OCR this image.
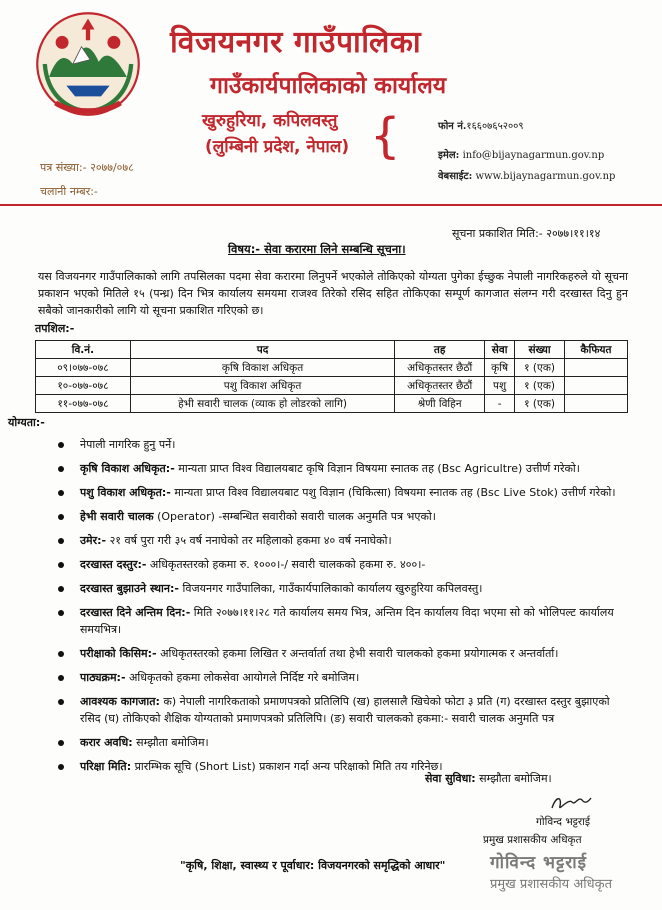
विजयनगर गाउँपालिका
गाउँकार्यपालिकाको कार्यालय
खुरुहुरिया, कपिलवस्तु
(लुम्बिनी प्रदेश, नेपाल) {	फोन नं.१६६०७६५२००९
इमेल: info@bijaynagarmun.gov.np
वेबसाईट: www.bijaynagarmun.gov.np
पत्र संख्या:- २०७७/०७८
चलानी नम्बर:-
सूचना प्रकाशित मिति:- २०७७।११।१४
विषय:- सेवा करारमा लिने सम्बन्धि सूचना।
यस विजयनगर गाउँपालिकाको लागि तपसिलका पदमा सेवा करारमा लिनुपर्ने भएकोले तोकिएको योग्यता पुगेका ईच्छुक नेपाली नागरिकहरुले यो सूचना प्रकाशन भएको मितिले १५ (पन्ध्र) दिन भित्र कार्यालय समयमा राजश्व तिरेको रसिद सहित तोकिएका सम्पूर्ण कागजात संलग्न गरी दरखास्त दिनु हुन सबैको जानकारीको लागि यो सूचना प्रकाशित गरिएको छ।
तपशिल:-
वि.नं.	पद	तह	सेवा	संख्या	कैफियत
०९।०७७-०७८	कृषि विकाश अधिकृत	अधिकृतस्तर छैठौं	कृषि	१ (एक)	
१०-०७७-०७८	पशु विकाश अधिकृत	अधिकृतस्तर छैठौं	पशु	१ (एक)	
११-०७७-०७८	हेभी सवारी चालक (व्याक हो लोडरको लागि)	श्रेणी विहिन	-	१ (एक)	
योग्यता:-
नेपाली नागरिक हुनु पर्ने।
कृषि विकाश अधिकृत:- मान्यता प्राप्त विश्व विद्यालयबाट कृषि विज्ञान विषयमा स्नातक तह (Bsc Agricultre) उत्तीर्ण गरेको।
पशु विकाश अधिकृत:- मान्यता प्राप्त विश्व विद्यालयबाट पशु विज्ञान (चिकित्सा) विषयमा स्नातक तह (Bsc Live Stok) उत्तीर्ण गरेको।
हेभी सवारी चालक (Operator) -सम्बन्धित सवारीको सवारी चालक अनुमति पत्र भएको।
उमेर:- २१ वर्ष पुरा गरी ३५ वर्ष ननाघेको तर महिलाको हकमा ४० वर्ष ननाघेको।
दरखास्त दस्तुर:- अधिकृतस्तरको हकमा रु. १०००।-/ सवारी चालकको हकमा रु. ४००।-
दरखास्त बुझाउने स्थान:- विजयनगर गाउँपालिका, गाउँकार्यपालिकाको कार्यालय खुरुहुरिया कपिलवस्तु।
दरखास्त दिने अन्तिम दिन:- मिति २०७७।११।२८ गते कार्यालय समय भित्र, अन्तिम दिन कार्यालय विदा भएमा सो को भोलिपल्ट कार्यालय समयभित्र।
परीक्षाको किसिम:- अधिकृतस्तरको हकमा लिखित र अन्तर्वार्ता तथा हेभी सवारी चालकको हकमा प्रयोगात्मक र अन्तर्वार्ता।
पाठ्यक्रम:- अधिकृतको हकमा लोकसेवा आयोगले निर्दिष्ट गरे बमोजिम।
आवश्यक कागजात: क) नेपाली नागरिकताको प्रमाणपत्रको प्रतिलिपि (ख) हालसालै खिचेको फोटा ३ प्रति (ग) दरखास्त दस्तुर बुझाएको रसिद (घ) तोकिएको शैक्षिक योग्यताको प्रमाणपत्रको प्रतिलिपि। (ङ) सवारी चालकको हकमा:- सवारी चालक अनुमति पत्र
करार अवधि: सम्झौता बमोजिम।
परिक्षा मिति: प्रारम्भिक सूचि (Short List) प्रकाशन गर्दा अन्य परिक्षाको मिति तय गरिनेछ।
सेवा सुविधा: सम्झौता बमोजिम।
गोविन्द भट्टराई
प्रमुख प्रशासकीय अधिकृत
गोविन्द भट्टराई
प्रमुख प्रशासकीय अधिकृत
"कृषि, शिक्षा, स्वास्थ्य र पूर्वाधार: विजयनगरको समृद्धिको आधार"
